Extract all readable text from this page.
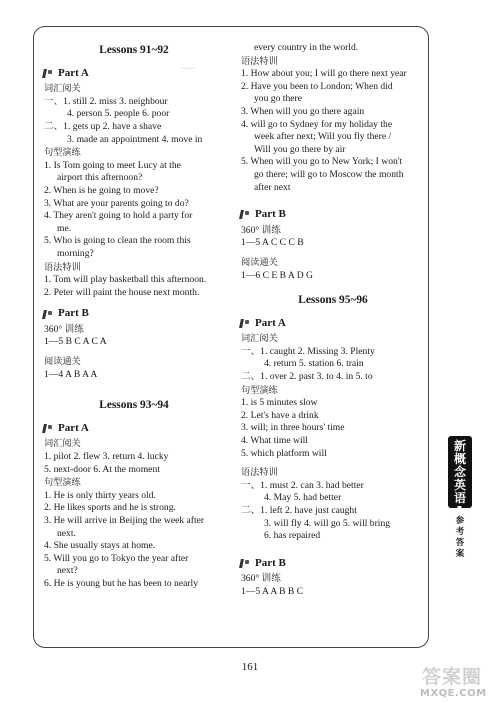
—
Lessons 91~92
Part A
词汇阅关
一、1. still 2. miss 3. neighbour
4. person 5. people 6. poor
二、1. gets up 2. have a shave
3. made an appointment 4. move in
句型演练
1. Is Tom going to meet Lucy at the
airport this afternoon?
2. When is he going to move?
3. What are your parents going to do?
4. They aren't going to hold a party for
me.
5. Who is going to clean the room this
morning?
语法特训
1. Tom will play basketball this afternoon.
2. Peter will paint the house next month.
Part B
360° 训练
1—5 B C A C A
阅读通关
1—4 A B A A
Lessons 93~94
Part A
词汇阅关
1. pilot 2. flew 3. return 4. lucky
5. next-door 6. At the moment
句型演练
1. He is only thirty years old.
2. He likes sports and he is strong.
3. He will arrive in Beijing the week after
next.
4. She usually stays at home.
5. Will you go to Tokyo the year after
next?
6. He is young but he has been to nearly
every country in the world.
语法特训
1. How about you; I will go there next year
2. Have you been to London; When did
you go there
3. When will you go there again
4. will go to Sydney for my holiday the
week after next; Will you fly there /
Will you go there by air
5. When will you go to New York; I won't
go there; will go to Moscow the month
after next
Part B
360° 训练
1—5 A C C C B
阅读通关
1—6 C E B A D G
Lessons 95~96
Part A
词汇阅关
一、1. caught 2. Missing 3. Plenty
4. return 5. station 6. train
二、1. over 2. past 3. to 4. in 5. to
句型演练
1. is 5 minutes slow
2. Let's have a drink
3. will; in three hours' time
4. What time will
5. which platform will
语法特训
一、1. must 2. can 3. had better
4. May 5. had better
二、1. left 2. have just caught
3. will fly 4. will go 5. will bring
6. has repaired
Part B
360° 训练
1—5 A A B B C
新概念英语1
参考答案
161	答案圈
MXQE.COM
